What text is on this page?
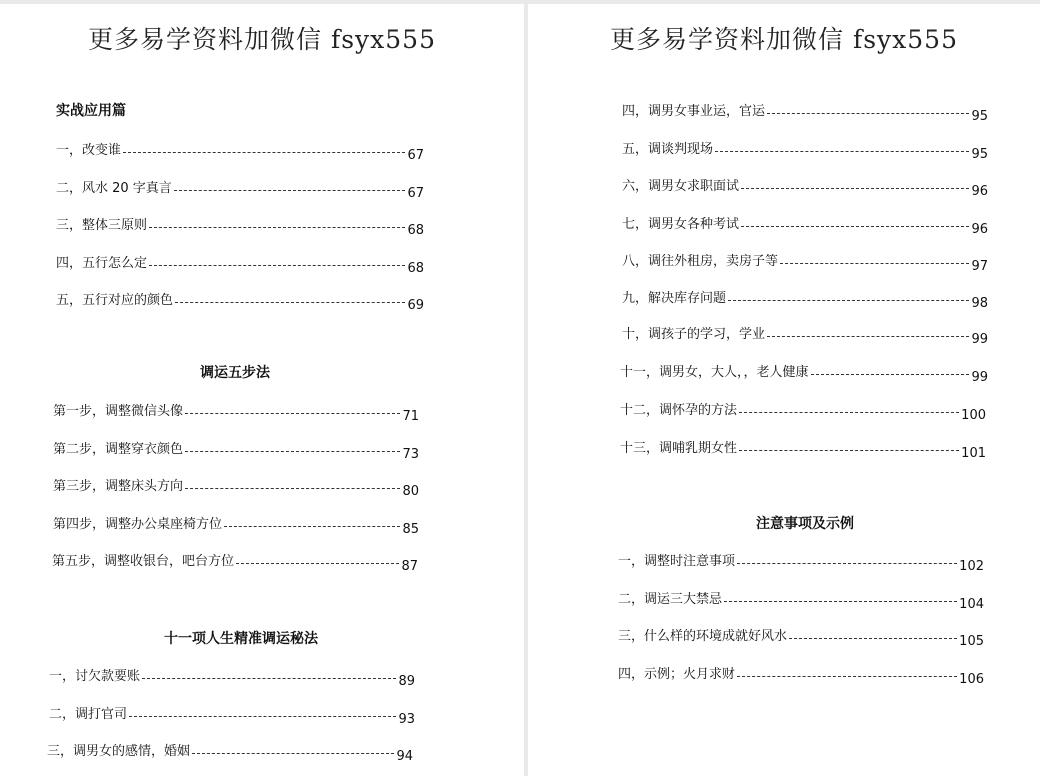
更多易学资料加微信 fsyx555
实战应用篇
一，改变谁	67
二，风水 20 字真言	67
三，整体三原则	68
四，五行怎么定	68
五，五行对应的颜色	69
调运五步法
第一步，调整微信头像	71
第二步，调整穿衣颜色	73
第三步，调整床头方向	80
第四步，调整办公桌座椅方位	85
第五步，调整收银台，吧台方位	87
十一项人生精准调运秘法
一，讨欠款要账	89
二，调打官司	93
三，调男女的感情，婚姻	94
更多易学资料加微信 fsyx555
四，调男女事业运，官运	95
五，调谈判现场	95
六，调男女求职面试	96
七，调男女各种考试	96
八，调往外租房，卖房子等	97
九，解决库存问题	98
十，调孩子的学习，学业	99
十一，调男女，大人，，老人健康	99
十二，调怀孕的方法	100
十三，调哺乳期女性	101
注意事项及示例
一，调整时注意事项	102
二，调运三大禁忌	104
三，什么样的环境成就好风水	105
四，示例；火月求财	106
